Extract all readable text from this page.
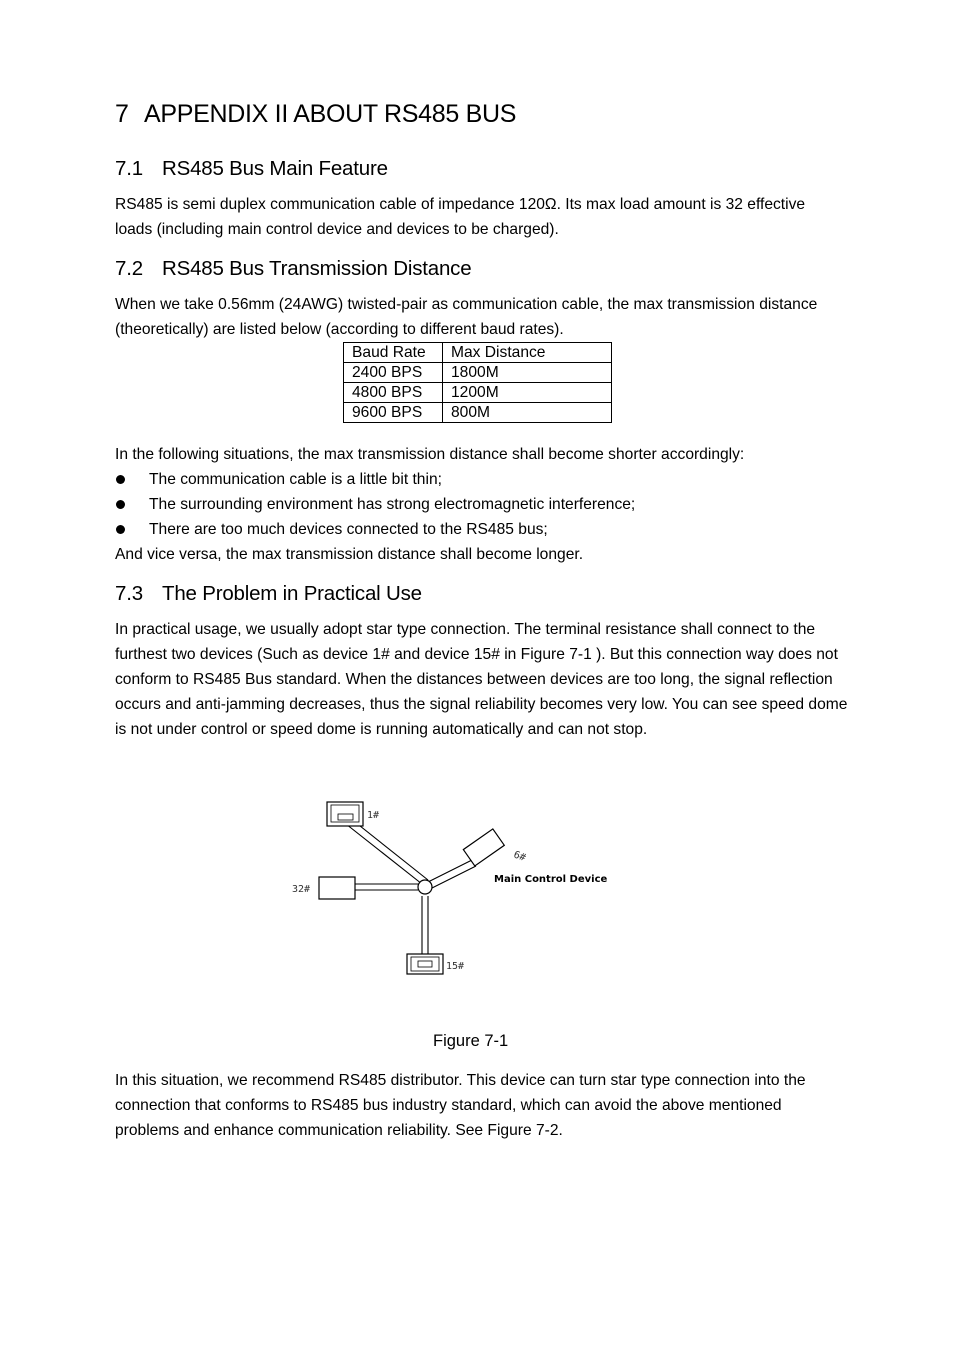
7 APPENDIX II ABOUT RS485 BUS
7.1 RS485 Bus Main Feature

RS485 is semi duplex communication cable of impedance 120Ω. Its max load amount is 32 effective loads (including main control device and devices to be charged).

7.2 RS485 Bus Transmission Distance

When we take 0.56mm (24AWG) twisted-pair as communication cable, the max transmission distance (theoretically) are listed below (according to different baud rates).

Baud Rate	Max Distance
2400 BPS	1800M
4800 BPS	1200M
9600 BPS	800M

In the following situations, the max transmission distance shall become shorter accordingly:

The communication cable is a little bit thin;
The surrounding environment has strong electromagnetic interference;
There are too much devices connected to the RS485 bus;

And vice versa, the max transmission distance shall become longer.

7.3 The Problem in Practical Use

In practical usage, we usually adopt star type connection. The terminal resistance shall connect to the furthest two devices (Such as device 1# and device 15# in Figure 7-1 ). But this connection way does not conform to RS485 Bus standard. When the distances between devices are too long, the signal reflection occurs and anti-jamming decreases, thus the signal reliability becomes very low. You can see speed dome is not under control or speed dome is running automatically and can not stop.

1#
6#
32#
15#
Main Control Device
Figure 7-1

In this situation, we recommend RS485 distributor. This device can turn star type connection into the connection that conforms to RS485 bus industry standard, which can avoid the above mentioned problems and enhance communication reliability. See Figure 7-2.
